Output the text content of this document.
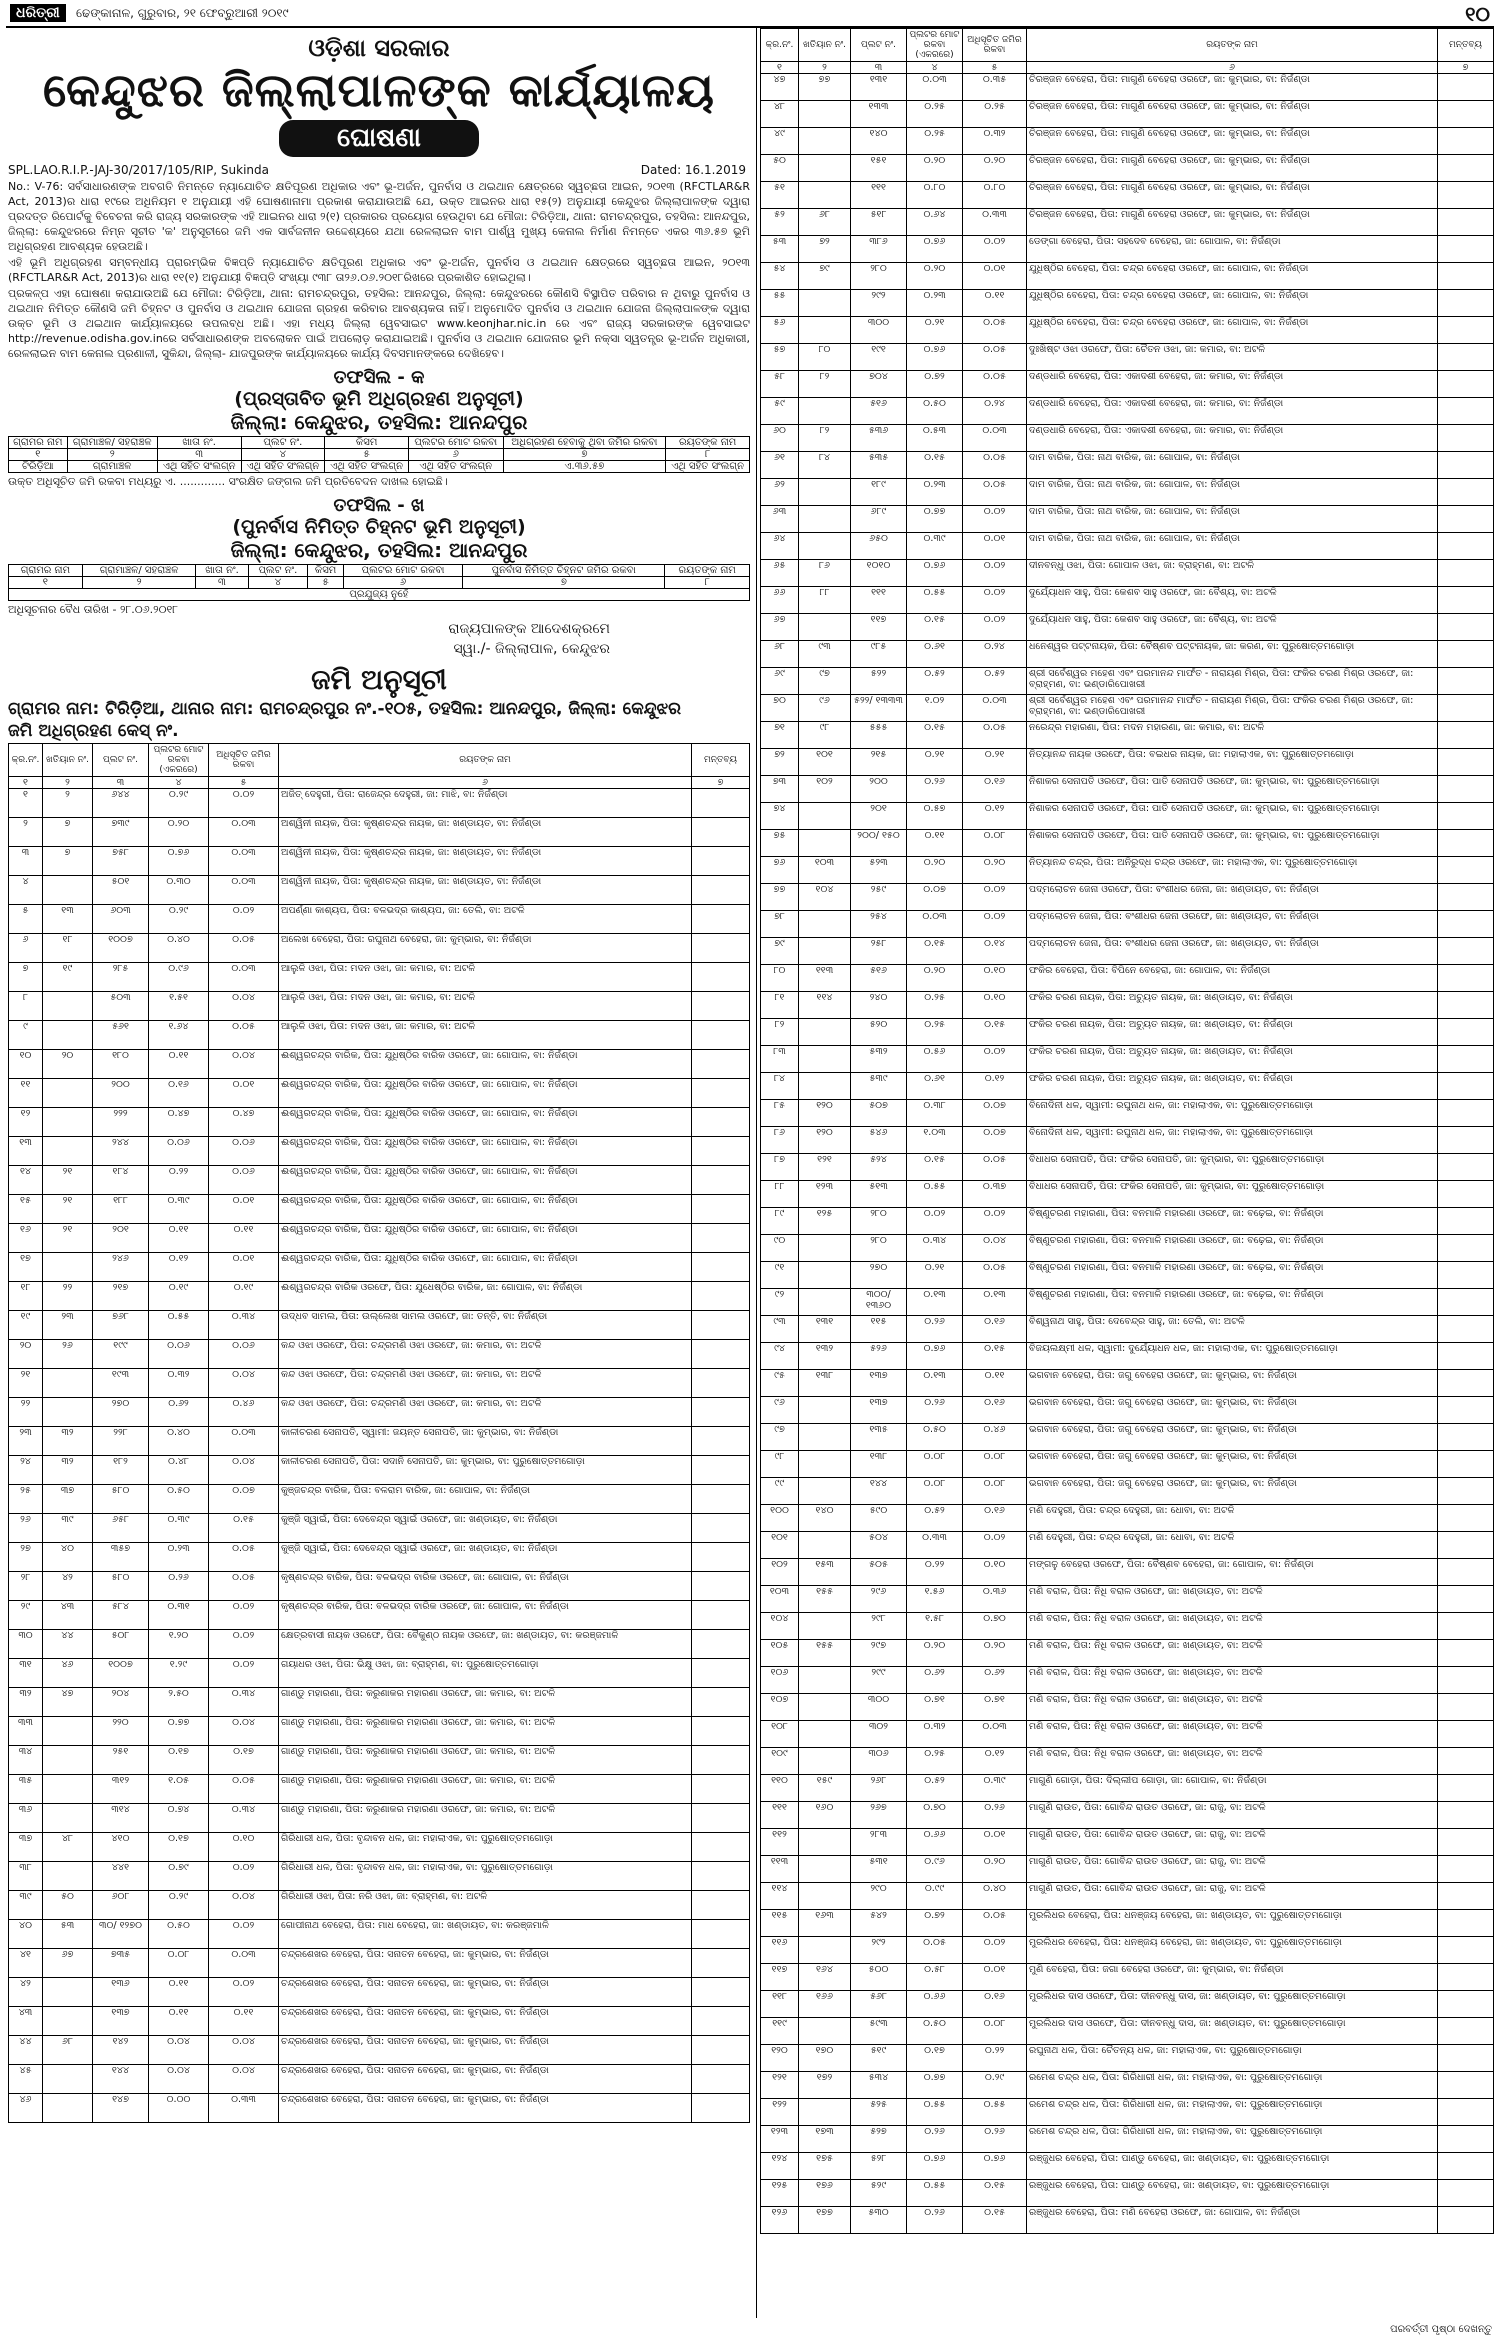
ଧରିତ୍ରୀ	ଢେଙ୍କାନାଳ, ଗୁରୁବାର, ୨୧ ଫେବ୍ରୁଆରୀ ୨୦୧୯	୧୦
ଓଡ଼ିଶା ସରକାର
କେନ୍ଦୁଝର ଜିଲ୍ଲାପାଳଙ୍କ କାର୍ଯ୍ୟାଳୟ
ଘୋଷଣା
SPL.LAO.R.I.P.-JAJ-30/2017/105/RIP, Sukinda	Dated: 16.1.2019

No.: V-76: ସର୍ବସାଧାରଣଙ୍କ ଅବଗତି ନିମନ୍ତେ ନ୍ୟାଯୋଚିତ କ୍ଷତିପୂରଣ ଅଧିକାର ଏବଂ ଭୂ-ଅର୍ଜନ, ପୁନର୍ବାସ ଓ ଥଇଥାନ କ୍ଷେତ୍ରରେ ସ୍ୱଚ୍ଛତା ଆଇନ, ୨୦୧୩ (RFCTLAR&R Act, 2013)ର ଧାରା ୧୯ରେ ଅଧିନିୟମ ୧ ଅନୁଯାୟୀ ଏହି ଘୋଷଣାନାମା ପ୍ରକାଶ କରାଯାଉଅଛି ଯେ, ଉକ୍ତ ଆଇନର ଧାରା ୧୫(୨) ଅନୁଯାୟୀ କେନ୍ଦୁଝର ଜିଲ୍ଲାପାଳଙ୍କ ଦ୍ୱାରା ପ୍ରଦତ୍ତ ରିପୋର୍ଟକୁ ବିବେଚନା କରି ରାଜ୍ୟ ସରକାରଙ୍କ ଏହି ଆଇନର ଧାରା ୨(୧) ପ୍ରକାରର ପ୍ରୟୋଗ ହେଉଥିବା ଯେ ମୌଜା: ଟିରିଡ଼ିଆ, ଥାନା: ରାମଚନ୍ଦ୍ରପୁର, ତହସିଲ: ଆନନ୍ଦପୁର, ଜିଲ୍ଲା: କେନ୍ଦୁଝରରେ ନିମ୍ନ ସୂଚୀତ 'କ' ଅନୁସୂଚୀରେ ଜମି ଏକ ସାର୍ବଜନୀନ ଉଦ୍ଦେଶ୍ୟରେ ଯଥା ରେଳଲାଇନ ବାମ ପାର୍ଶ୍ୱ ମୁଖ୍ୟ କେନାଲ ନିର୍ମାଣ ନିମନ୍ତେ ଏକର ୩୬.୫୭ ଭୂମି ଅଧିଗ୍ରହଣ ଆବଶ୍ୟକ ହେଉଅଛି।

ଏହି ଭୂମି ଅଧିଗ୍ରହଣ ସମ୍ବନ୍ଧୀୟ ପ୍ରାରମ୍ଭିକ ବିଜ୍ଞପ୍ତି ନ୍ୟାଯୋଚିତ କ୍ଷତିପୂରଣ ଅଧିକାର ଏବଂ ଭୂ-ଅର୍ଜନ, ପୁନର୍ବାସ ଓ ଥଇଥାନ କ୍ଷେତ୍ରରେ ସ୍ୱଚ୍ଛତା ଆଇନ, ୨୦୧୩ (RFCTLAR&R Act, 2013)ର ଧାରା ୧୧(୧) ଅନୁଯାୟୀ ବିଜ୍ଞପ୍ତି ସଂଖ୍ୟା ୯୩୮ ତା୨୬.୦୬.୨୦୧୮ରିଖରେ ପ୍ରକାଶିତ ହୋଇଥିଲା।

ପ୍ରକଳ୍ପ ଏହା ଘୋଷଣା କରାଯାଉଅଛି ଯେ ମୌଜା: ଟିରିଡ଼ିଆ, ଥାନା: ରାମଚନ୍ଦ୍ରପୁର, ତହସିଲ: ଆନନ୍ଦପୁର, ଜିଲ୍ଲା: କେନ୍ଦୁଝରରେ କୌଣସି ବିସ୍ଥାପିତ ପରିବାର ନ ଥିବାରୁ ପୁନର୍ବାସ ଓ ଥଇଥାନ ନିମିତ୍ତ କୌଣସି ଜମି ଚିହ୍ନଟ ଓ ପୁନର୍ବାସ ଓ ଥଇଥାନ ଯୋଜନା ଗ୍ରହଣ କରିବାର ଆବଶ୍ୟକତା ନାହିଁ। ଅନୁମୋଦିତ ପୁନର୍ବାସ ଓ ଥଇଥାନ ଯୋଜନା ଜିଲ୍ଲାପାଳଙ୍କ ଦ୍ୱାରା ଉକ୍ତ ଭୂମି ଓ ଥଇଥାନ କାର୍ଯ୍ୟାଳୟରେ ଉପଲବ୍ଧ ଅଛି। ଏହା ମଧ୍ୟ ଜିଲ୍ଲା ୱେବସାଇଟ www.keonjhar.nic.in ରେ ଏବଂ ରାଜ୍ୟ ସରକାରଙ୍କ ୱେବସାଇଟ http://revenue.odisha.gov.inରେ ସର୍ବସାଧାରଣଙ୍କ ଅବଲୋକନ ପାଇଁ ଅପଲୋଡ଼ କରାଯାଇଅଛି। ପୁନର୍ବାସ ଓ ଥଇଥାନ ଯୋଜନାର ଭୂମି ନକ୍ସା ସ୍ୱତନ୍ତ୍ର ଭୂ-ଅର୍ଜନ ଅଧିକାରୀ, ରେଳଲାଇନ ବାମ କେନାଲ ପ୍ରଣାଳୀ, ସୁକିନ୍ଦା, ଜିଲ୍ଲା- ଯାଜପୁରଙ୍କ କାର୍ଯ୍ୟାଳୟରେ କାର୍ଯ୍ୟ ଦିବସମାନଙ୍କରେ ଦେଖିହେବ।

ତଫସିଲ - କ
(ପ୍ରସ୍ତାବିତ ଭୂମି ଅଧିଗ୍ରହଣ ଅନୁସୂଚୀ)
ଜିଲ୍ଲା: କେନ୍ଦୁଝର, ତହସିଲ: ଆନନ୍ଦପୁର
ଗ୍ରାମର ନାମ	ଗ୍ରାମାଞ୍ଚଳ/ ସହରାଞ୍ଚଳ	ଖାତା ନଂ.	ପ୍ଲଟ ନଂ.	କିସମ	ପ୍ଲଟର ମୋଟ ରକବା	ଅଧିଗ୍ରହଣ ହେବାକୁ ଥିବା ଜମିର ରକବା	ରୟତଙ୍କ ନାମ
୧	୨	୩	୪	୫	୬	୭	୮
ଟିରିଡ଼ିଆ	ଗ୍ରାମାଞ୍ଚଳ	ଏଥି ସହିତ ସଂଲଗ୍ନ	ଏଥି ସହିତ ସଂଲଗ୍ନ	ଏଥି ସହିତ ସଂଲଗ୍ନ	ଏଥି ସହିତ ସଂଲଗ୍ନ	ଏ.୩୬.୫୭	ଏଥି ସହିତ ସଂଲଗ୍ନ
ଉକ୍ତ ଅଧିସୂଚିତ ଜମି ରକବା ମଧ୍ୟରୁ ଏ. ............. ସଂରକ୍ଷିତ ଜଙ୍ଗଲ ଜମି ପ୍ରତିବେଦନ ଦାଖଲ ହୋଇଛି।
ତଫସିଲ - ଖ
(ପୁନର୍ବାସ ନିମିତ୍ତ ଚିହ୍ନଟ ଭୂମି ଅନୁସୂଚୀ)
ଜିଲ୍ଲା: କେନ୍ଦୁଝର, ତହସିଲ: ଆନନ୍ଦପୁର
ଗ୍ରାମର ନାମ	ଗ୍ରାମାଞ୍ଚଳ/ ସହରାଞ୍ଚଳ	ଖାତା ନଂ.	ପ୍ଲଟ ନଂ.	କିସମ	ପ୍ଲଟର ମୋଟ ରକବା	ପୁନର୍ବାସ ନିମିତ୍ତ ଚିହ୍ନଟ ଜମିର ରକବା	ରୟତଙ୍କ ନାମ
୧	୨	୩	୪	୫	୬	୭	୮
ପ୍ରଯୁଜ୍ୟ ନୁହେଁ							
ଅଧିସୂଚନାର ବୈଧ ତାରିଖ - ୨୮.୦୬.୨୦୧୮
ରାଜ୍ୟପାଳଙ୍କ ଆଦେଶକ୍ରମେ
ସ୍ୱା./- ଜିଲ୍ଲାପାଳ, କେନ୍ଦୁଝର
ଜମି ଅନୁସୂଚୀ
ଗ୍ରାମର ନାମ: ଟିରିଡ଼ିଆ, ଥାନାର ନାମ: ରାମଚନ୍ଦ୍ରପୁର ନଂ.-୧୦୫, ତହସିଲ: ଆନନ୍ଦପୁର, ଜିଲ୍ଲା: କେନ୍ଦୁଝର
ଜମି ଅଧିଗ୍ରହଣ କେସ୍ ନଂ.
କ୍ର.ନଂ.	ଖତିୟାନ ନଂ.	ପ୍ଲଟ ନଂ.	ପ୍ଲଟର ମୋଟ ରକବା (ଏକରରେ)	ଅଧିସୂଚିତ ଜମିର ରକବା	ରୟତଙ୍କ ନାମ	ମନ୍ତବ୍ୟ
୧	୨	୩	୪	୫	୬	୭
୧	୨	୬୪୪	୦.୨୯	୦.୦୨	ଅଜିତ୍ ଦେହୁରୀ, ପିତା: ରାଜେନ୍ଦ୍ର ଦେହୁରୀ, ଜା: ମାଝି, ବା: ନିର୍ଜଣ୍ଡା	
୨	୭	୭୩୯	୦.୨୦	୦.୦୩	ଅଶ୍ୱିନୀ ନାୟକ, ପିତା: କୃଷ୍ଣଚନ୍ଦ୍ର ନାୟକ, ଜା: ଖଣ୍ଡାୟତ, ବା: ନିର୍ଜଣ୍ଡା	
୩	୭	୭୫୮	୦.୭୬	୦.୦୩	ଅଶ୍ୱିନୀ ନାୟକ, ପିତା: କୃଷ୍ଣଚନ୍ଦ୍ର ନାୟକ, ଜା: ଖଣ୍ଡାୟତ, ବା: ନିର୍ଜଣ୍ଡା	
୪		୫୦୧	୦.୩୦	୦.୦୩	ଅଶ୍ୱିନୀ ନାୟକ, ପିତା: କୃଷ୍ଣଚନ୍ଦ୍ର ନାୟକ, ଜା: ଖଣ୍ଡାୟତ, ବା: ନିର୍ଜଣ୍ଡା	
୫	୧୩	୬୦୩	୦.୨୯	୦.୦୨	ଅପର୍ଣ୍ଣା କାଶ୍ୟପ, ପିତା: ବଳଭଦ୍ର କାଶ୍ୟପ, ଜା: ତେଲି, ବା: ଅଟଳି	
୬	୧୮	୧୦୦୭	୦.୪୦	୦.୦୫	ଅଲେଖ ବେହେରା, ପିତା: ରଘୁନାଥ ବେହେରା, ଜା: କୁମ୍ଭାର, ବା: ନିର୍ଜଣ୍ଡା	
୭	୧୯	୨୮୫	୦.୯୬	୦.୦୩	ଆଲୁଳି ଓଝା, ପିତା: ମଦନ ଓଝା, ଜା: କମାର, ବା: ଅଟଳି	
୮		୫୦୩	୧.୫୧	୦.୦୪	ଆଲୁଳି ଓଝା, ପିତା: ମଦନ ଓଝା, ଜା: କମାର, ବା: ଅଟଳି	
୯		୫୬୧	୧.୬୪	୦.୦୫	ଆଲୁଳି ଓଝା, ପିତା: ମଦନ ଓଝା, ଜା: କମାର, ବା: ଅଟଳି	
୧୦	୨୦	୧୮୦	୦.୧୧	୦.୦୪	ଈଶ୍ୱରଚନ୍ଦ୍ର ବାରିକ, ପିତା: ଯୁଧିଷ୍ଠିର ବାରିକ ଓରଫେ, ଜା: ଗୋପାଳ, ବା: ନିର୍ଜଣ୍ଡା	
୧୧		୨୦୦	୦.୧୬	୦.୦୧	ଈଶ୍ୱରଚନ୍ଦ୍ର ବାରିକ, ପିତା: ଯୁଧିଷ୍ଠିର ବାରିକ ଓରଫେ, ଜା: ଗୋପାଳ, ବା: ନିର୍ଜଣ୍ଡା	
୧୨		୨୨୨	୦.୪୭	୦.୪୭	ଈଶ୍ୱରଚନ୍ଦ୍ର ବାରିକ, ପିତା: ଯୁଧିଷ୍ଠିର ବାରିକ ଓରଫେ, ଜା: ଗୋପାଳ, ବା: ନିର୍ଜଣ୍ଡା	
୧୩		୨୪୪	୦.୦୬	୦.୦୬	ଈଶ୍ୱରଚନ୍ଦ୍ର ବାରିକ, ପିତା: ଯୁଧିଷ୍ଠିର ବାରିକ ଓରଫେ, ଜା: ଗୋପାଳ, ବା: ନିର୍ଜଣ୍ଡା	
୧୪	୨୧	୧୮୪	୦.୨୨	୦.୦୬	ଈଶ୍ୱରଚନ୍ଦ୍ର ବାରିକ, ପିତା: ଯୁଧିଷ୍ଠିର ବାରିକ ଓରଫେ, ଜା: ଗୋପାଳ, ବା: ନିର୍ଜଣ୍ଡା	
୧୫	୨୧	୧୮୮	୦.୩୯	୦.୦୧	ଈଶ୍ୱରଚନ୍ଦ୍ର ବାରିକ, ପିତା: ଯୁଧିଷ୍ଠିର ବାରିକ ଓରଫେ, ଜା: ଗୋପାଳ, ବା: ନିର୍ଜଣ୍ଡା	
୧୬	୨୧	୨୦୧	୦.୧୧	୦.୧୧	ଈଶ୍ୱରଚନ୍ଦ୍ର ବାରିକ, ପିତା: ଯୁଧିଷ୍ଠିର ବାରିକ ଓରଫେ, ଜା: ଗୋପାଳ, ବା: ନିର୍ଜଣ୍ଡା	
୧୭		୨୪୬	୦.୧୨	୦.୦୧	ଈଶ୍ୱରଚନ୍ଦ୍ର ବାରିକ, ପିତା: ଯୁଧିଷ୍ଠିର ବାରିକ ଓରଫେ, ଜା: ଗୋପାଳ, ବା: ନିର୍ଜଣ୍ଡା	
୧୮	୨୨	୨୧୭	୦.୧୯	୦.୧୯	ଈଶ୍ୱରଚନ୍ଦ୍ର ବାରିକ ଓରଫେ, ପିତା: ଯୁଧେଷ୍ଠିର ବାରିକ, ଜା: ଗୋପାଳ, ବା: ନିର୍ଜଣ୍ଡା	
୧୯	୨୩	୭୬୮	୦.୫୫	୦.୩୪	ଉଦ୍ଧବ ସାମଲ, ପିତା: ଉଲ୍ଲେଖ ସାମଲ ଓରଫେ, ଜା: ତନ୍ତି, ବା: ନିର୍ଜଣ୍ଡା	
୨୦	୨୬	୧୯୯	୦.୦୬	୦.୦୬	କନ୍ଦ ଓଝା ଓରଫେ, ପିତା: ଚନ୍ଦ୍ରମଣି ଓଝା ଓରଫେ, ଜା: କମାର, ବା: ଅଟଳି	
୨୧		୧୯୩	୦.୩୨	୦.୦୪	କନ୍ଦ ଓଝା ଓରଫେ, ପିତା: ଚନ୍ଦ୍ରମଣି ଓଝା ଓରଫେ, ଜା: କମାର, ବା: ଅଟଳି	
୨୨		୨୭୦	୦.୬୨	୦.୪୬	କନ୍ଦ ଓଝା ଓରଫେ, ପିତା: ଚନ୍ଦ୍ରମଣି ଓଝା ଓରଫେ, ଜା: କମାର, ବା: ଅଟଳି	
୨୩	୩୨	୨୨୮	୦.୪୦	୦.୦୩	କାଳୀଚରଣ ସେନାପତି, ସ୍ୱାମୀ: ଜୟନ୍ତ ସେନାପତି, ଜା: କୁମ୍ଭାର, ବା: ନିର୍ଜଣ୍ଡା	
୨୪	୩୨	୧୮୨	୦.୪୮	୦.୦୪	କାଳୀଚରଣ ସେନାପତି, ପିତା: ସଦାନି ସେନାପତି, ଜା: କୁମ୍ଭାର, ବା: ପୁରୁଷୋତ୍ତମଗୋଡ଼ା	
୨୫	୩୭	୫୮୦	୦.୫୦	୦.୦୭	କୁଞ୍ଜଚନ୍ଦ୍ର ବାରିକ, ପିତା: ବଳରାମ ବାରିକ, ଜା: ଗୋପାଳ, ବା: ନିର୍ଜଣ୍ଡା	
୨୬	୩୯	୬୫୮	୦.୩୯	୦.୧୫	କୁଞ୍ଜି ସ୍ୱାଇଁ, ପିତା: ଦେବେନ୍ଦ୍ର ସ୍ୱାଇଁ ଓରଫେ, ଜା: ଖଣ୍ଡାୟତ, ବା: ନିର୍ଜଣ୍ଡା	
୨୭	୪୦	୩୫୭	୦.୨୩	୦.୦୫	କୁଞ୍ଜି ସ୍ୱାଇଁ, ପିତା: ଦେବେନ୍ଦ୍ର ସ୍ୱାଇଁ ଓରଫେ, ଜା: ଖଣ୍ଡାୟତ, ବା: ନିର୍ଜଣ୍ଡା	
୨୮	୪୨	୫୮୦	୦.୨୬	୦.୦୫	କୃଷ୍ଣଚନ୍ଦ୍ର ବାରିକ, ପିତା: ବଳଭଦ୍ର ବାରିକ ଓରଫେ, ଜା: ଗୋପାଳ, ବା: ନିର୍ଜଣ୍ଡା	
୨୯	୪୩	୫୮୪	୦.୩୧	୦.୦୨	କୃଷ୍ଣଚନ୍ଦ୍ର ବାରିକ, ପିତା: ବଳଭଦ୍ର ବାରିକ ଓରଫେ, ଜା: ଗୋପାଳ, ବା: ନିର୍ଜଣ୍ଡା	
୩୦	୪୪	୫୦୮	୧.୨୦	୦.୦୨	କ୍ଷେତ୍ରବାସୀ ନାୟକ ଓରଫେ, ପିତା: ବୈକୁଣ୍ଠ ନାୟକ ଓରଫେ, ଜା: ଖଣ୍ଡାୟତ, ବା: କରଞ୍ଜମାଳି	
୩୧	୪୬	୧୦୦୭	୧.୨୯	୦.୦୨	ଗୟାଧର ଓଝା, ପିତା: ଭିକ୍ଷୁ ଓଝା, ଜା: ବ୍ରାହ୍ମଣ, ବା: ପୁରୁଷୋତ୍ତମଗୋଡ଼ା	
୩୨	୪୭	୨୦୪	୨.୫୦	୦.୩୪	ଗାଣ୍ଡୁ ମହାରଣା, ପିତା: କରୁଣାକର ମହାରଣା ଓରଫେ, ଜା: କମାର, ବା: ଅଟଳି	
୩୩		୨୨୦	୦.୭୭	୦.୦୪	ଗାଣ୍ଡୁ ମହାରଣା, ପିତା: କରୁଣାକର ମହାରଣା ଓରଫେ, ଜା: କମାର, ବା: ଅଟଳି	
୩୪		୨୫୧	୦.୧୭	୦.୧୭	ଗାଣ୍ଡୁ ମହାରଣା, ପିତା: କରୁଣାକର ମହାରଣା ଓରଫେ, ଜା: କମାର, ବା: ଅଟଳି	
୩୫		୩୧୨	୧.୦୫	୦.୦୫	ଗାଣ୍ଡୁ ମହାରଣା, ପିତା: କରୁଣାକର ମହାରଣା ଓରଫେ, ଜା: କମାର, ବା: ଅଟଳି	
୩୬		୩୧୪	୦.୭୪	୦.୩୪	ଗାଣ୍ଡୁ ମହାରଣା, ପିତା: କରୁଣାକର ମହାରଣା ଓରଫେ, ଜା: କମାର, ବା: ଅଟଳି	
୩୭	୪୮	୪୧୦	୦.୧୭	୦.୧୦	ଗିରିଧାରୀ ଧଳ, ପିତା: ବୃନ୍ଦାବନ ଧଳ, ଜା: ମହାଲାଏକ, ବା: ପୁରୁଷୋତ୍ତମଗୋଡ଼ା	
୩୮		୪୪୧	୦.୭୯	୦.୦୨	ଗିରିଧାରୀ ଧଳ, ପିତା: ବୃନ୍ଦାବନ ଧଳ, ଜା: ମହାଲାଏକ, ବା: ପୁରୁଷୋତ୍ତମଗୋଡ଼ା	
୩୯	୫୦	୬୦୮	୦.୨୯	୦.୦୪	ଗିରିଧାରୀ ଓଝା, ପିତା: ନରି ଓଝା, ଜା: ବ୍ରାହ୍ମଣ, ବା: ଅଟଳି	
୪୦	୫୩	୩୦/ ୧୨୭୦	୦.୫୦	୦.୦୨	ଗୋପୀନାଥ ବେହେରା, ପିତା: ମାଧ ବେହେରା, ଜା: ଖଣ୍ଡାୟତ, ବା: କରଞ୍ଜମାଳି	
୪୧	୬୭	୭୩୫	୦.୦୮	୦.୦୩	ଚନ୍ଦ୍ରଶେଖର ବେହେରା, ପିତା: ସନାତନ ବେହେରା, ଜା: କୁମ୍ଭାର, ବା: ନିର୍ଜଣ୍ଡା	
୪୨		୧୩୬	୦.୧୧	୦.୦୨	ଚନ୍ଦ୍ରଶେଖର ବେହେରା, ପିତା: ସନାତନ ବେହେରା, ଜା: କୁମ୍ଭାର, ବା: ନିର୍ଜଣ୍ଡା	
୪୩		୧୩୭	୦.୧୧	୦.୧୧	ଚନ୍ଦ୍ରଶେଖର ବେହେରା, ପିତା: ସନାତନ ବେହେରା, ଜା: କୁମ୍ଭାର, ବା: ନିର୍ଜଣ୍ଡା	
୪୪	୬୮	୧୪୨	୦.୦୪	୦.୦୪	ଚନ୍ଦ୍ରଶେଖର ବେହେରା, ପିତା: ସନାତନ ବେହେରା, ଜା: କୁମ୍ଭାର, ବା: ନିର୍ଜଣ୍ଡା	
୪୫		୧୪୪	୦.୦୪	୦.୦୪	ଚନ୍ଦ୍ରଶେଖର ବେହେରା, ପିତା: ସନାତନ ବେହେରା, ଜା: କୁମ୍ଭାର, ବା: ନିର୍ଜଣ୍ଡା	
୪୬		୧୪୭	୦.୦୦	୦.୩୩	ଚନ୍ଦ୍ରଶେଖର ବେହେରା, ପିତା: ସନାତନ ବେହେରା, ଜା: କୁମ୍ଭାର, ବା: ନିର୍ଜଣ୍ଡା	
କ୍ର.ନଂ.	ଖତିୟାନ ନଂ.	ପ୍ଲଟ ନଂ.	ପ୍ଲଟର ମୋଟ ରକବା (ଏକରରେ)	ଅଧିସୂଚିତ ଜମିର ରକବା	ରୟତଙ୍କ ନାମ	ମନ୍ତବ୍ୟ
୧	୨	୩	୪	୫	୬	୭
୪୭	୭୭	୧୩୧	୦.୦୩	୦.୩୫	ଚିରଞ୍ଜନ ବେହେରା, ପିତା: ମାଗୁଣି ବେହେରା ଓରଫେ, ଜା: କୁମ୍ଭାର, ବା: ନିର୍ଜଣ୍ଡା	
୪୮		୧୩୩	୦.୨୫	୦.୨୫	ଚିରଞ୍ଜନ ବେହେରା, ପିତା: ମାଗୁଣି ବେହେରା ଓରଫେ, ଜା: କୁମ୍ଭାର, ବା: ନିର୍ଜଣ୍ଡା	
୪୯		୧୪୦	୦.୨୫	୦.୩୨	ଚିରଞ୍ଜନ ବେହେରା, ପିତା: ମାଗୁଣି ବେହେରା ଓରଫେ, ଜା: କୁମ୍ଭାର, ବା: ନିର୍ଜଣ୍ଡା	
୫୦		୧୫୧	୦.୨୦	୦.୨୦	ଚିରଞ୍ଜନ ବେହେରା, ପିତା: ମାଗୁଣି ବେହେରା ଓରଫେ, ଜା: କୁମ୍ଭାର, ବା: ନିର୍ଜଣ୍ଡା	
୫୧		୧୧୧	୦.୮୦	୦.୮୦	ଚିରଞ୍ଜନ ବେହେରା, ପିତା: ମାଗୁଣି ବେହେରା ଓରଫେ, ଜା: କୁମ୍ଭାର, ବା: ନିର୍ଜଣ୍ଡା	
୫୨	୬୮	୫୧୮	୦.୬୪	୦.୩୩	ଚିରଞ୍ଜନ ବେହେରା, ପିତା: ମାଗୁଣି ବେହେରା ଓରଫେ, ଜା: କୁମ୍ଭାର, ବା: ନିର୍ଜଣ୍ଡା	
୫୩	୭୨	୩୮୬	୦.୭୬	୦.୦୨	ଡେଙ୍ଗା ବେହେରା, ପିତା: ସହଦେବ ବେହେରା, ଜା: ଗୋପାଳ, ବା: ନିର୍ଜଣ୍ଡା	
୫୪	୭୯	୨୮୦	୦.୨୦	୦.୦୧	ଯୁଧିଷ୍ଠିର ବେହେରା, ପିତା: ଚନ୍ଦ୍ର ବେହେରା ଓରଫେ, ଜା: ଗୋପାଳ, ବା: ନିର୍ଜଣ୍ଡା	
୫୫		୨୯୨	୦.୨୩	୦.୧୧	ଯୁଧିଷ୍ଠିର ବେହେରା, ପିତା: ଚନ୍ଦ୍ର ବେହେରା ଓରଫେ, ଜା: ଗୋପାଳ, ବା: ନିର୍ଜଣ୍ଡା	
୫୬		୩୦୦	୦.୨୧	୦.୦୫	ଯୁଧିଷ୍ଠିର ବେହେରା, ପିତା: ଚନ୍ଦ୍ର ବେହେରା ଓରଫେ, ଜା: ଗୋପାଳ, ବା: ନିର୍ଜଣ୍ଡା	
୫୭	୮୦	୧୯୧	୦.୭୬	୦.୦୫	ଦୁଃଖିଷ୍ଟ ଓଝା ଓରଫେ, ପିତା: ଚୈତନ ଓଝା, ଜା: କମାର, ବା: ଅଟଳି	
୫୮	୮୨	୭୦୪	୦.୭୨	୦.୦୫	ଦଣ୍ଡଧାରି ବେହେରା, ପିତା: ଏକାଦଶୀ ବେହେରା, ଜା: କମାର, ବା: ନିର୍ଜଣ୍ଡା	
୫୯		୫୧୬	୦.୫୦	୦.୨୪	ଦଣ୍ଡଧାରି ବେହେରା, ପିତା: ଏକାଦଶୀ ବେହେରା, ଜା: କମାର, ବା: ନିର୍ଜଣ୍ଡା	
୬୦	୮୨	୫୩୬	୦.୫୩	୦.୦୩	ଦଣ୍ଡଧାରି ବେହେରା, ପିତା: ଏକାଦଶୀ ବେହେରା, ଜା: କମାର, ବା: ନିର୍ଜଣ୍ଡା	
୬୧	୮୪	୫୩୫	୦.୧୫	୦.୦୫	ଦାମ ବାରିକ, ପିତା: ନାଥ ବାରିକ, ଜା: ଗୋପାଳ, ବା: ନିର୍ଜଣ୍ଡା	
୬୨		୧୮୯	୦.୨୩	୦.୦୫	ଦାମ ବାରିକ, ପିତା: ନାଥ ବାରିକ, ଜା: ଗୋପାଳ, ବା: ନିର୍ଜଣ୍ଡା	
୬୩		୬୮୯	୦.୭୭	୦.୦୨	ଦାମ ବାରିକ, ପିତା: ନାଥ ବାରିକ, ଜା: ଗୋପାଳ, ବା: ନିର୍ଜଣ୍ଡା	
୬୪		୬୫୦	୦.୩୯	୦.୦୧	ଦାମ ବାରିକ, ପିତା: ନାଥ ବାରିକ, ଜା: ଗୋପାଳ, ବା: ନିର୍ଜଣ୍ଡା	
୬୫	୮୬	୧୦୧୦	୦.୭୬	୦.୦୨	ଦୀନବନ୍ଧୁ ଓଝା, ପିତା: ଗୋପାଳ ଓଝା, ଜା: ବ୍ରାହ୍ମଣ, ବା: ଅଟଳି	
୬୬	୮୮	୧୧୧	୦.୫୫	୦.୦୨	ଦୁର୍ଯ୍ୟୋଧନ ସାହୁ, ପିତା: କେଶବ ସାହୁ ଓରଫେ, ଜା: ବୈଶ୍ୟ, ବା: ଅଟଳି	
୬୭		୧୧୭	୦.୧୫	୦.୦୨	ଦୁର୍ଯ୍ୟୋଧନ ସାହୁ, ପିତା: କେଶବ ସାହୁ ଓରଫେ, ଜା: ବୈଶ୍ୟ, ବା: ଅଟଳି	
୬୮	୯୩	୯୮୫	୦.୬୧	୦.୨୪	ଧନେଶ୍ୱର ପଟ୍ଟନାୟକ, ପିତା: ବୈଷ୍ଣବ ପଟ୍ଟନାୟକ, ଜା: କରଣ, ବା: ପୁରୁଷୋତ୍ତମଗୋଡ଼ା	
୬୯	୯୭	୫୨୨	୦.୫୨	୦.୫୨	ଶ୍ରୀ ସର୍ବେଶ୍ୱର ମହେଶ ଏବଂ ପରମାନନ୍ଦ ମାର୍ଫତ - ନାରାୟଣ ମିଶ୍ର, ପିତା: ଫକିର ଚରଣ ମିଶ୍ର ଓରଫେ, ଜା: ବ୍ରାହ୍ମଣ, ବା: ଭଣ୍ଡାରିପୋଖରୀ	
୭୦	୯୬	୫୨୨/ ୧୩୩୩	୧.୦୨	୦.୦୩	ଶ୍ରୀ ସର୍ବେଶ୍ୱର ମହେଶ ଏବଂ ପରମାନନ୍ଦ ମାର୍ଫତ - ନାରାୟଣ ମିଶ୍ର, ପିତା: ଫକିର ଚରଣ ମିଶ୍ର ଓରଫେ, ଜା: ବ୍ରାହ୍ମଣ, ବା: ଭଣ୍ଡାରିପୋଖରୀ	
୭୧	୯୮	୫୫୫	୦.୧୫	୦.୦୫	ନରେନ୍ଦ୍ର ମହାରଣା, ପିତା: ମଦନ ମହାରଣା, ଜା: କମାର, ବା: ଅଟଳି	
୭୨	୧୦୧	୨୧୫	୦.୨୧	୦.୨୧	ନିତ୍ୟାନନ୍ଦ ନାୟକ ଓରଫେ, ପିତା: ବଇଧର ନାୟକ, ଜା: ମହାଲାଏକ, ବା: ପୁରୁଷୋତ୍ତମଗୋଡ଼ା	
୭୩	୧୦୨	୨୦୦	୦.୨୬	୦.୧୬	ନିଶାକର ସେନାପତି ଓରଫେ, ପିତା: ପାତି ସେନାପତି ଓରଫେ, ଜା: କୁମ୍ଭାର, ବା: ପୁରୁଷୋତ୍ତମଗୋଡ଼ା	
୭୪		୨୦୧	୦.୫୭	୦.୧୨	ନିଶାକର ସେନାପତି ଓରଫେ, ପିତା: ପାତି ସେନାପତି ଓରଫେ, ଜା: କୁମ୍ଭାର, ବା: ପୁରୁଷୋତ୍ତମଗୋଡ଼ା	
୭୫		୨୦୦/ ୧୫୦	୦.୧୧	୦.୦୮	ନିଶାକର ସେନାପତି ଓରଫେ, ପିତା: ପାତି ସେନାପତି ଓରଫେ, ଜା: କୁମ୍ଭାର, ବା: ପୁରୁଷୋତ୍ତମଗୋଡ଼ା	
୭୬	୧୦୩	୫୨୩	୦.୨୦	୦.୨୦	ନିତ୍ୟାନନ୍ଦ ଚନ୍ଦ୍ର, ପିତା: ଅନିରୁଦ୍ଧ ଚନ୍ଦ୍ର ଓରଫେ, ଜା: ମହାଲାଏକ, ବା: ପୁରୁଷୋତ୍ତମଗୋଡ଼ା	
୭୭	୧୦୪	୨୫୯	୦.୦୭	୦.୦୨	ପଦ୍ମଲୋଚନ ଜେନା ଓରଫେ, ପିତା: ବଂଶୀଧର ଜେନା, ଜା: ଖଣ୍ଡାୟତ, ବା: ନିର୍ଜଣ୍ଡା	
୭୮		୨୫୪	୦.୦୩	୦.୦୨	ପଦ୍ମଲୋଚନ ଜେନା, ପିତା: ବଂଶୀଧର ଜେନା ଓରଫେ, ଜା: ଖଣ୍ଡାୟତ, ବା: ନିର୍ଜଣ୍ଡା	
୭୯		୨୫୮	୦.୧୫	୦.୧୪	ପଦ୍ମଲୋଚନ ଜେନା, ପିତା: ବଂଶୀଧର ଜେନା ଓରଫେ, ଜା: ଖଣ୍ଡାୟତ, ବା: ନିର୍ଜଣ୍ଡା	
୮୦	୧୧୩	୫୧୬	୦.୨୦	୦.୧୦	ଫକିର ବେହେରା, ପିତା: ବିପିନେ ବେହେରା, ଜା: ଗୋପାଳ, ବା: ନିର୍ଜଣ୍ଡା	
୮୧	୧୧୪	୨୪୦	୦.୨୫	୦.୧୦	ଫକିର ଚରଣ ନାୟକ, ପିତା: ଅଚ୍ୟୁତ ନାୟକ, ଜା: ଖଣ୍ଡାୟତ, ବା: ନିର୍ଜଣ୍ଡା	
୮୨		୫୨୦	୦.୨୫	୦.୧୫	ଫକିର ଚରଣ ନାୟକ, ପିତା: ଅଚ୍ୟୁତ ନାୟକ, ଜା: ଖଣ୍ଡାୟତ, ବା: ନିର୍ଜଣ୍ଡା	
୮୩		୫୩୨	୦.୫୬	୦.୦୨	ଫକିର ଚରଣ ନାୟକ, ପିତା: ଅଚ୍ୟୁତ ନାୟକ, ଜା: ଖଣ୍ଡାୟତ, ବା: ନିର୍ଜଣ୍ଡା	
୮୪		୫୩୯	୦.୬୧	୦.୧୨	ଫକିର ଚରଣ ନାୟକ, ପିତା: ଅଚ୍ୟୁତ ନାୟକ, ଜା: ଖଣ୍ଡାୟତ, ବା: ନିର୍ଜଣ୍ଡା	
୮୫	୧୨୦	୫୦୭	୦.୩୮	୦.୦୭	ବିନୋଦିନୀ ଧଳ, ସ୍ୱାମୀ: ରଘୁନାଥ ଧଳ, ଜା: ମହାଲାଏକ, ବା: ପୁରୁଷୋତ୍ତମଗୋଡ଼ା	
୮୬	୧୨୦	୫୪୬	୧.୦୩	୦.୦୭	ବିନୋଦିନୀ ଧଳ, ସ୍ୱାମୀ: ରଘୁନାଥ ଧଳ, ଜା: ମହାଲାଏକ, ବା: ପୁରୁଷୋତ୍ତମଗୋଡ଼ା	
୮୭	୧୨୧	୫୨୪	୦.୧୫	୦.୦୫	ବିଧାଧର ସେନାପତି, ପିତା: ଫକିର ସେନାପତି, ଜା: କୁମ୍ଭାର, ବା: ପୁରୁଷୋତ୍ତମଗୋଡ଼ା	
୮୮	୧୨୩	୫୧୩	୦.୫୫	୦.୩୭	ବିଧାଧର ସେନାପତି, ପିତା: ଫକିର ସେନାପତି, ଜା: କୁମ୍ଭାର, ବା: ପୁରୁଷୋତ୍ତମଗୋଡ଼ା	
୮୯	୧୨୫	୨୮୦	୦.୦୨	୦.୦୨	ବିଷ୍ଣୁଚରଣ ମହାରଣା, ପିତା: ବନମାଳି ମହାରଣା ଓରଫେ, ଜା: ବଢ଼େଇ, ବା: ନିର୍ଜଣ୍ଡା	
୯୦		୨୮୦	୦.୩୪	୦.୦୪	ବିଷ୍ଣୁଚରଣ ମହାରଣା, ପିତା: ବନମାଳି ମହାରଣା ଓରଫେ, ଜା: ବଢ଼େଇ, ବା: ନିର୍ଜଣ୍ଡା	
୯୧		୨୭୦	୦.୨୧	୦.୦୫	ବିଷ୍ଣୁଚରଣ ମହାରଣା, ପିତା: ବନମାଳି ମହାରଣା ଓରଫେ, ଜା: ବଢ଼େଇ, ବା: ନିର୍ଜଣ୍ଡା	
୯୨		୩୦୦/ ୧୩୬୦	୦.୧୩	୦.୧୩	ବିଷ୍ଣୁଚରଣ ମହାରଣା, ପିତା: ବନମାଳି ମହାରଣା ଓରଫେ, ଜା: ବଢ଼େଇ, ବା: ନିର୍ଜଣ୍ଡା	
୯୩	୧୩୧	୧୧୫	୦.୨୬	୦.୧୬	ବିଶ୍ୱନାଥ ସାହୁ, ପିତା: ଦେବେନ୍ଦ୍ର ସାହୁ, ଜା: ତେଲି, ବା: ଅଟଳି	
୯୪	୧୩୨	୫୨୬	୦.୭୬	୦.୧୫	ବିଜୟଲକ୍ଷ୍ମୀ ଧଳ, ସ୍ୱାମୀ: ଦୁର୍ଯ୍ୟୋଧନ ଧଳ, ଜା: ମହାଲାଏକ, ବା: ପୁରୁଷୋତ୍ତମଗୋଡ଼ା	
୯୫	୧୩୮	୧୩୭	୦.୧୩	୦.୧୧	ଭଗବାନ ବେହେରା, ପିତା: ଜଗୁ ବେହେରା ଓରଫେ, ଜା: କୁମ୍ଭାର, ବା: ନିର୍ଜଣ୍ଡା	
୯୬		୧୩୭	୦.୨୬	୦.୧୬	ଭଗବାନ ବେହେରା, ପିତା: ଜଗୁ ବେହେରା ଓରଫେ, ଜା: କୁମ୍ଭାର, ବା: ନିର୍ଜଣ୍ଡା	
୯୭		୧୩୫	୦.୫୦	୦.୪୬	ଭଗବାନ ବେହେରା, ପିତା: ଜଗୁ ବେହେରା ଓରଫେ, ଜା: କୁମ୍ଭାର, ବା: ନିର୍ଜଣ୍ଡା	
୯୮		୧୩୮	୦.୦୮	୦.୦୮	ଭଗବାନ ବେହେରା, ପିତା: ଜଗୁ ବେହେରା ଓରଫେ, ଜା: କୁମ୍ଭାର, ବା: ନିର୍ଜଣ୍ଡା	
୯୯		୧୪୪	୦.୦୮	୦.୦୮	ଭଗବାନ ବେହେରା, ପିତା: ଜଗୁ ବେହେରା ଓରଫେ, ଜା: କୁମ୍ଭାର, ବା: ନିର୍ଜଣ୍ଡା	
୧୦୦	୧୪୦	୫୯୦	୦.୫୨	୦.୧୬	ମଣି ଦେହୁରୀ, ପିତା: ଚନ୍ଦ୍ର ଦେହୁରୀ, ଜା: ଧୋବା, ବା: ଅଟଳି	
୧୦୧		୫୦୪	୦.୩୩	୦.୦୨	ମଣି ଦେହୁରୀ, ପିତା: ଚନ୍ଦ୍ର ଦେହୁରୀ, ଜା: ଧୋବା, ବା: ଅଟଳି	
୧୦୨	୧୫୩	୫୦୫	୦.୨୨	୦.୧୦	ମଙ୍ଗଳୁ ବେହେରା ଓରଫେ, ପିତା: ବୈଷ୍ଣବ ବେହେରା, ଜା: ଗୋପାଳ, ବା: ନିର୍ଜଣ୍ଡା	
୧୦୩	୧୫୫	୨୯୬	୧.୫୬	୦.୩୬	ମଣି ବରାଳ, ପିତା: ନିଧି ବରାଳ ଓରଫେ, ଜା: ଖଣ୍ଡାୟତ, ବା: ଅଟଳି	
୧୦୪		୨୯୮	୧.୫୮	୦.୭୦	ମଣି ବରାଳ, ପିତା: ନିଧି ବରାଳ ଓରଫେ, ଜା: ଖଣ୍ଡାୟତ, ବା: ଅଟଳି	
୧୦୫	୧୫୫	୨୯୭	୦.୨୦	୦.୨୦	ମଣି ବରାଳ, ପିତା: ନିଧି ବରାଳ ଓରଫେ, ଜା: ଖଣ୍ଡାୟତ, ବା: ଅଟଳି	
୧୦୬		୨୯୯	୦.୬୨	୦.୬୨	ମଣି ବରାଳ, ପିତା: ନିଧି ବରାଳ ଓରଫେ, ଜା: ଖଣ୍ଡାୟତ, ବା: ଅଟଳି	
୧୦୭		୩୦୦	୦.୭୧	୦.୭୧	ମଣି ବରାଳ, ପିତା: ନିଧି ବରାଳ ଓରଫେ, ଜା: ଖଣ୍ଡାୟତ, ବା: ଅଟଳି	
୧୦୮		୩୦୨	୦.୩୨	୦.୦୩	ମଣି ବରାଳ, ପିତା: ନିଧି ବରାଳ ଓରଫେ, ଜା: ଖଣ୍ଡାୟତ, ବା: ଅଟଳି	
୧୦୯		୩୦୬	୦.୨୫	୦.୧୨	ମଣି ବରାଳ, ପିତା: ନିଧି ବରାଳ ଓରଫେ, ଜା: ଖଣ୍ଡାୟତ, ବା: ଅଟଳି	
୧୧୦	୧୫୯	୨୬୮	୦.୫୨	୦.୩୯	ମାଗୁଣି ଗୋଡ଼ା, ପିତା: ଦିଲ୍ଲୀପ ଗୋଡ଼ା, ଜା: ଗୋପାଳ, ବା: ନିର୍ଜଣ୍ଡା	
୧୧୧	୧୬୦	୨୬୭	୦.୭୦	୦.୨୬	ମାଗୁଣି ରାଉତ, ପିତା: ଗୋବିନ୍ଦ ରାଉତ ଓରଫେ, ଜା: ରାଜୁ, ବା: ଅଟଳି	
୧୧୨		୨୮୩	୦.୬୬	୦.୦୧	ମାଗୁଣି ରାଉତ, ପିତା: ଗୋବିନ୍ଦ ରାଉତ ଓରଫେ, ଜା: ରାଜୁ, ବା: ଅଟଳି	
୧୧୩		୫୩୧	୦.୯୬	୦.୨୦	ମାଗୁଣି ରାଉତ, ପିତା: ଗୋବିନ୍ଦ ରାଉତ ଓରଫେ, ଜା: ରାଜୁ, ବା: ଅଟଳି	
୧୧୪		୨୯୦	୦.୯୯	୦.୪୦	ମାଗୁଣି ରାଉତ, ପିତା: ଗୋବିନ୍ଦ ରାଉତ ଓରଫେ, ଜା: ରାଜୁ, ବା: ଅଟଳି	
୧୧୫	୧୬୩	୫୪୨	୦.୭୨	୦.୦୫	ମୁରଲିଧର ବେହେରା, ପିତା: ଧନଞ୍ଜୟ ବେହେରା, ଜା: ଖଣ୍ଡାୟତ, ବା: ପୁରୁଷୋତ୍ତମଗୋଡ଼ା	
୧୧୬		୨୯୨	୦.୦୫	୦.୦୨	ମୁରଲିଧର ବେହେରା, ପିତା: ଧନଞ୍ଜୟ ବେହେରା, ଜା: ଖଣ୍ଡାୟତ, ବା: ପୁରୁଷୋତ୍ତମଗୋଡ଼ା	
୧୧୭	୧୬୪	୫୦୦	୦.୫୮	୦.୦୧	ମୁଣି ବେହେରା, ପିତା: ଜଗା ବେହେରା ଓରଫେ, ଜା: କୁମ୍ଭାର, ବା: ନିର୍ଜଣ୍ଡା	
୧୧୮	୧୬୬	୫୬୮	୦.୬୬	୦.୧୬	ମୁରଲିଧର ଦାସ ଓରଫେ, ପିତା: ଦୀନବନ୍ଧୁ ଦାସ, ଜା: ଖଣ୍ଡାୟତ, ବା: ପୁରୁଷୋତ୍ତମଗୋଡ଼ା	
୧୧୯		୫୯୩	୦.୫୦	୦.୦୮	ମୁରଲିଧର ଦାସ ଓରଫେ, ପିତା: ଦୀନବନ୍ଧୁ ଦାସ, ଜା: ଖଣ୍ଡାୟତ, ବା: ପୁରୁଷୋତ୍ତମଗୋଡ଼ା	
୧୨୦	୧୭୦	୫୧୯	୦.୧୭	୦.୨୨	ରଘୁନାଥ ଧଳ, ପିତା: ଚୈତନ୍ୟ ଧଳ, ଜା: ମହାଲାଏକ, ବା: ପୁରୁଷୋତ୍ତମଗୋଡ଼ା	
୧୨୧	୧୭୨	୫୩୪	୦.୭୭	୦.୨୯	ରମେଶ ଚନ୍ଦ୍ର ଧଳ, ପିତା: ଗିରିଧାରୀ ଧଳ, ଜା: ମହାଲାଏକ, ବା: ପୁରୁଷୋତ୍ତମଗୋଡ଼ା	
୧୨୨		୫୨୫	୦.୫୫	୦.୫୫	ରମେଶ ଚନ୍ଦ୍ର ଧଳ, ପିତା: ଗିରିଧାରୀ ଧଳ, ଜା: ମହାଲାଏକ, ବା: ପୁରୁଷୋତ୍ତମଗୋଡ଼ା	
୧୨୩	୧୭୩	୫୨୭	୦.୨୬	୦.୨୬	ରମେଶ ଚନ୍ଦ୍ର ଧଳ, ପିତା: ଗିରିଧାରୀ ଧଳ, ଜା: ମହାଲାଏକ, ବା: ପୁରୁଷୋତ୍ତମଗୋଡ଼ା	
୧୨୪	୧୭୫	୫୨୮	୦.୭୬	୦.୭୬	ରଞ୍ଜୁଧର ବେହେରା, ପିତା: ପାଣ୍ଡୁ ବେହେରା, ଜା: ଖଣ୍ଡାୟତ, ବା: ପୁରୁଷୋତ୍ତମଗୋଡ଼ା	
୧୨୫	୧୭୬	୫୨୯	୦.୫୫	୦.୧୫	ରଞ୍ଜୁଧର ବେହେରା, ପିତା: ପାଣ୍ଡୁ ବେହେରା, ଜା: ଖଣ୍ଡାୟତ, ବା: ପୁରୁଷୋତ୍ତମଗୋଡ଼ା	
୧୨୬	୧୭୭	୫୩୦	୦.୨୬	୦.୧୫	ରଞ୍ଜୁଧର ବେହେରା, ପିତା: ମଣି ବେହେରା ଓରଫେ, ଜା: ଗୋପାଳ, ବା: ନିର୍ଜଣ୍ଡା	
ପରବର୍ତ୍ତୀ ପୃଷ୍ଠା ଦେଖନ୍ତୁ
